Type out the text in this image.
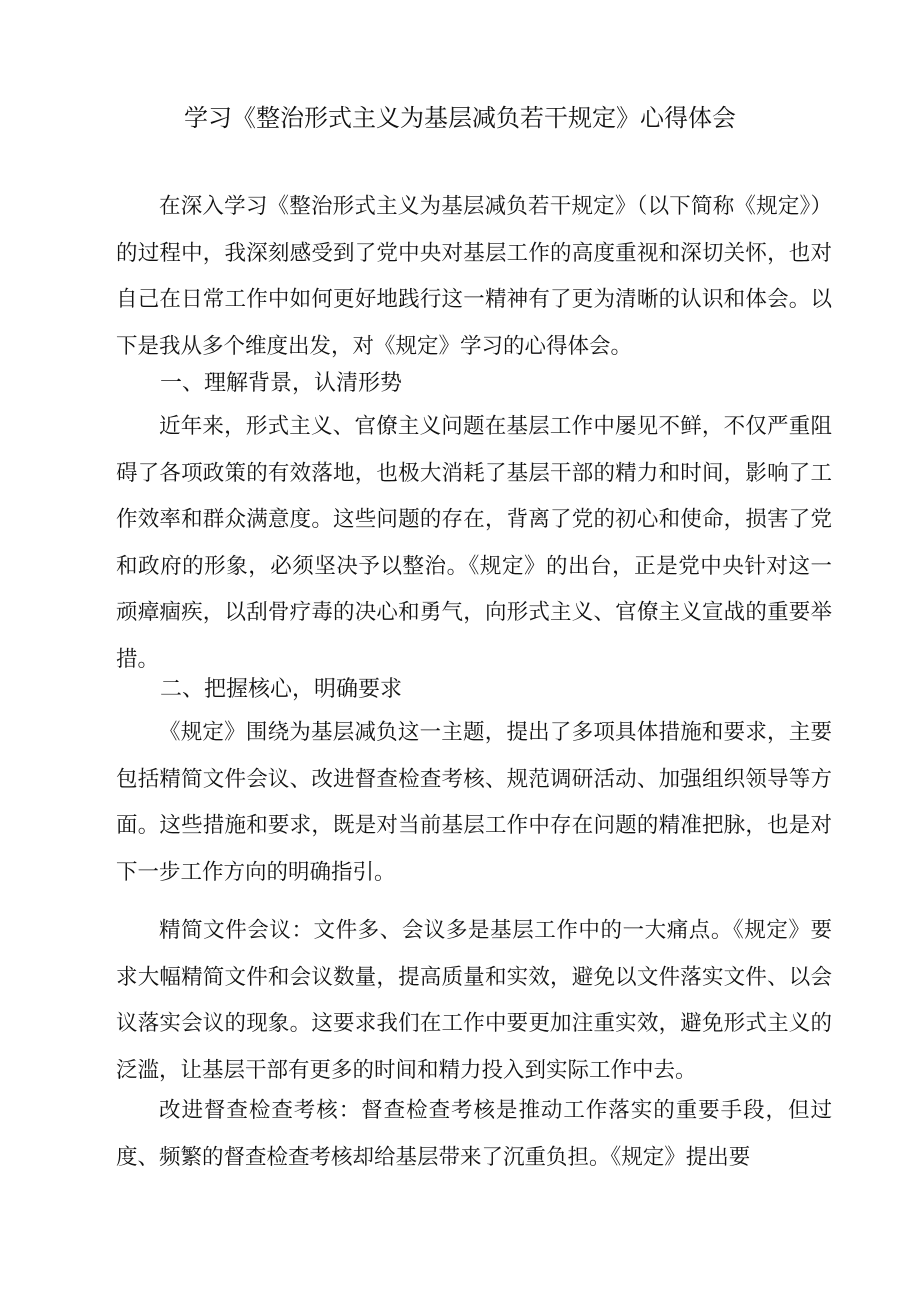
学习《整治形式主义为基层减负若干规定》心得体会

在深入学习《整治形式主义为基层减负若干规定》（以下简称《规定》）的过程中，我深刻感受到了党中央对基层工作的高度重视和深切关怀，也对自己在日常工作中如何更好地践行这一精神有了更为清晰的认识和体会。以下是我从多个维度出发，对《规定》学习的心得体会。

一、理解背景，认清形势

近年来，形式主义、官僚主义问题在基层工作中屡见不鲜，不仅严重阻碍了各项政策的有效落地，也极大消耗了基层干部的精力和时间，影响了工作效率和群众满意度。这些问题的存在，背离了党的初心和使命，损害了党和政府的形象，必须坚决予以整治。《规定》的出台，正是党中央针对这一顽瘴痼疾，以刮骨疗毒的决心和勇气，向形式主义、官僚主义宣战的重要举措。

二、把握核心，明确要求

《规定》围绕为基层减负这一主题，提出了多项具体措施和要求，主要包括精简文件会议、改进督查检查考核、规范调研活动、加强组织领导等方面。这些措施和要求，既是对当前基层工作中存在问题的精准把脉，也是对下一步工作方向的明确指引。

精简文件会议：文件多、会议多是基层工作中的一大痛点。《规定》要求大幅精简文件和会议数量，提高质量和实效，避免以文件落实文件、以会议落实会议的现象。这要求我们在工作中要更加注重实效，避免形式主义的泛滥，让基层干部有更多的时间和精力投入到实际工作中去。

改进督查检查考核：督查检查考核是推动工作落实的重要手段，但过度、频繁的督查检查考核却给基层带来了沉重负担。《规定》提出要
